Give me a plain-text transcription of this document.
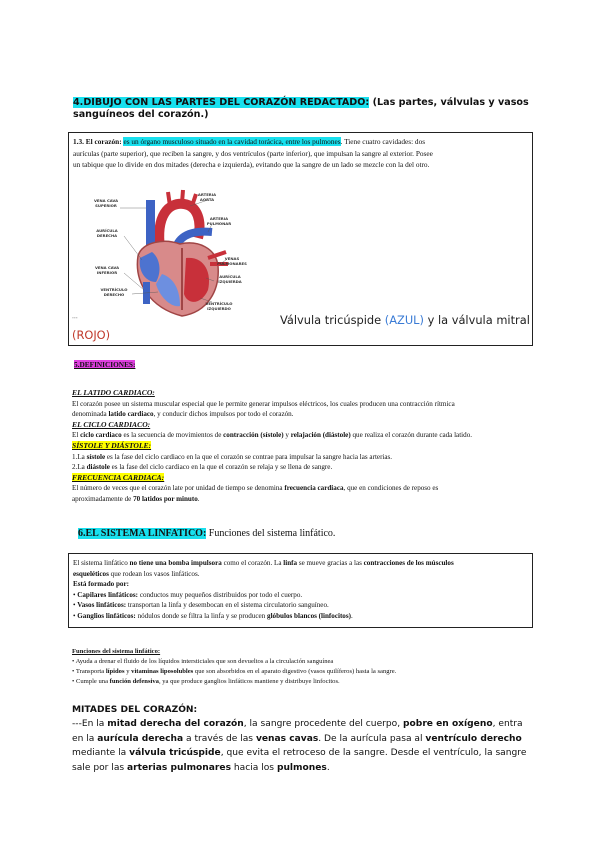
4.DIBUJO CON LAS PARTES DEL CORAZÓN REDACTADO: (Las partes, válvulas y vasos
sanguíneos del corazón.)
1.3. El corazón: es un órgano musculoso situado en la cavidad torácica, entre los pulmones. Tiene cuatro cavidades: dos
aurículas (parte superior), que reciben la sangre, y dos ventrículos (parte inferior), que impulsan la sangre al exterior. Posee
un tabique que lo divide en dos mitades (derecha e izquierda), evitando que la sangre de un lado se mezcle con la del otro.
VENA CAVA SUPERIOR
AURÍCULA DERECHA
VENA CAVA INFERIOR
VENTRÍCULO DERECHO
ARTERIA AORTA
ARTERIA PULMONAR
VENAS PULMONARES
AURÍCULA IZQUIERDA
VENTRÍCULO IZQUIERDO
***	Válvula tricúspide (AZUL) y la válvula mitral
(ROJO)
5.DEFINICIONES:
EL LATIDO CARDIACO:
El corazón posee un sistema muscular especial que le permite generar impulsos eléctricos, los cuales producen una contracción rítmica
denominada latido cardiaco, y conducir dichos impulsos por todo el corazón.
EL CICLO CARDIACO:
El ciclo cardiaco es la secuencia de movimientos de contracción (sístole) y relajación (diástole) que realiza el corazón durante cada latido.
SÍSTOLE Y DIÁSTOLE:
1.La sístole es la fase del ciclo cardiaco en la que el corazón se contrae para impulsar la sangre hacia las arterias.
2.La diástole es la fase del ciclo cardiaco en la que el corazón se relaja y se llena de sangre.
FRECUENCIA CARDIACA:
El número de veces que el corazón late por unidad de tiempo se denomina frecuencia cardiaca, que en condiciones de reposo es
aproximadamente de 70 latidos por minuto.
6.EL SISTEMA LINFATICO: Funciones del sistema linfático.
El sistema linfático no tiene una bomba impulsora como el corazón. La linfa se mueve gracias a las contracciones de los músculos
esqueléticos que rodean los vasos linfáticos.
Está formado por:
• Capilares linfáticos: conductos muy pequeños distribuidos por todo el cuerpo.
• Vasos linfáticos: transportan la linfa y desembocan en el sistema circulatorio sanguíneo.
• Ganglios linfáticos: nódulos donde se filtra la linfa y se producen glóbulos blancos (linfocitos).
Funciones del sistema linfático:
• Ayuda a drenar el fluido de los líquidos intersticiales que son devueltos a la circulación sanguínea
• Transporta lípidos y vitaminas liposolubles que son absorbidos en el aparato digestivo (vasos quilíferos) hasta la sangre.
• Cumple una función defensiva, ya que produce ganglios linfáticos mantiene y distribuye linfocitos.
MITADES DEL CORAZÓN:
---En la mitad derecha del corazón, la sangre procedente del cuerpo, pobre en oxígeno, entra
en la aurícula derecha a través de las venas cavas. De la aurícula pasa al ventrículo derecho
mediante la válvula tricúspide, que evita el retroceso de la sangre. Desde el ventrículo, la sangre
sale por las arterias pulmonares hacia los pulmones.
